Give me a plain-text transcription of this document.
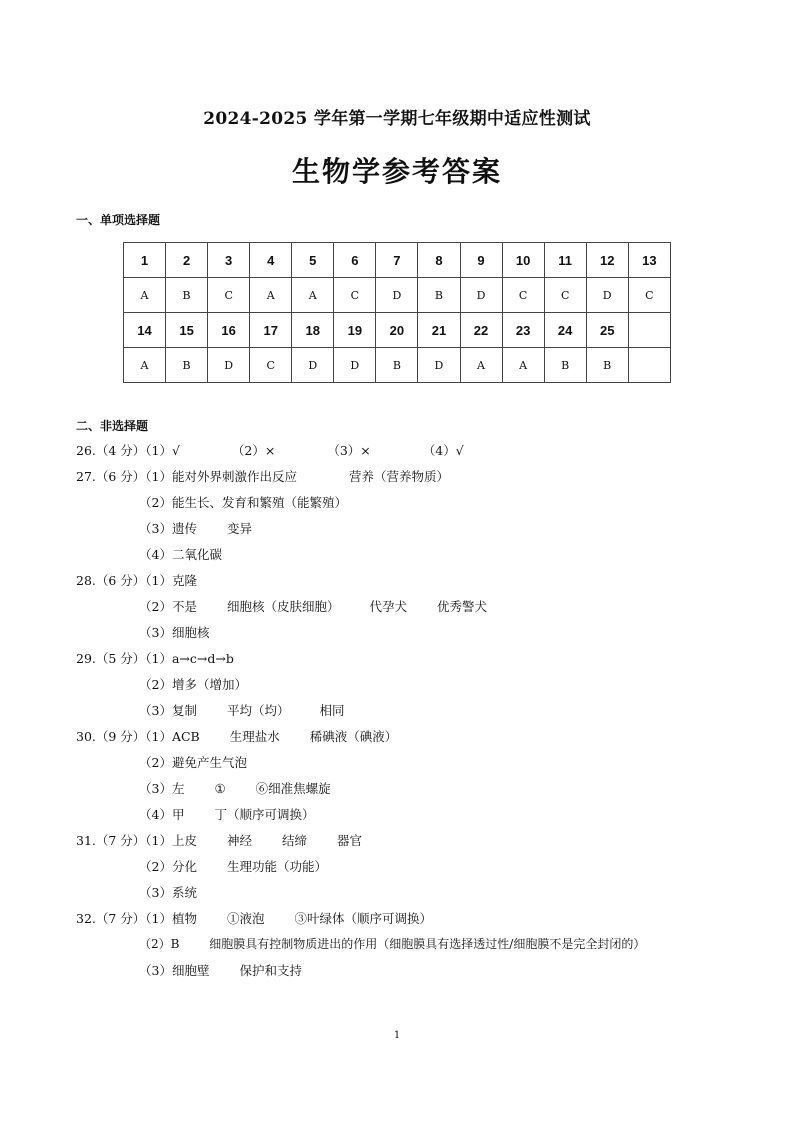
2024-2025 学年第一学期七年级期中适应性测试
生物学参考答案
一、单项选择题
1	2	3	4	5	6	7	8	9	10	11	12	13
A	B	C	A	A	C	D	B	D	C	C	D	C
14	15	16	17	18	19	20	21	22	23	24	25	
A	B	D	C	D	D	B	D	A	A	B	B	
二、非选择题
26.（4 分）
（1）√	（2）×	（3）×	（4）√
27.（6 分）
（1）能对外界刺激作出反应	营养（营养物质）
（2）能生长、发育和繁殖（能繁殖）
（3）遗传 变异
（4）二氧化碳
28.（6 分）
（1）克隆
（2）不是 细胞核（皮肤细胞） 代孕犬 优秀警犬
（3）细胞核
29.（5 分）
（1）a→c→d→b
（2）增多（增加）
（3）复制 平均（均） 相同
30.（9 分）
（1）ACB 生理盐水 稀碘液（碘液）
（2）避免产生气泡
（3）左 ① ⑥细准焦螺旋
（4）甲 丁（顺序可调换）
31.（7 分）
（1）上皮 神经 结缔 器官
（2）分化 生理功能（功能）
（3）系统
32.（7 分）
（1）植物 ①液泡 ③叶绿体（顺序可调换）
（2）B 细胞膜具有控制物质进出的作用（细胞膜具有选择透过性/细胞膜不是完全封闭的）
（3）细胞壁 保护和支持
1
